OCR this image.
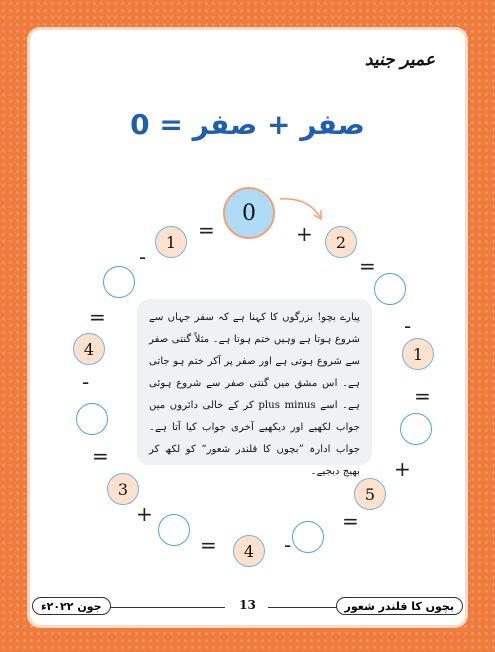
عمیر جنید
صفر + صفر = 0
0
2
1
5
4
3
4
1	=	+
-	=
=	-
-
=
=
+
+	=
=	-
پیارے بچو! بزرگوں کا کہنا ہے کہ سفر جہاں سے شروع ہوتا ہے وہیں ختم ہوتا ہے۔ مثلاً گنتی صفر سے شروع ہوتی ہے اور صفر پر آکر ختم ہو جاتی ہے۔ اس مشق میں گنتی صفر سے شروع ہوئی ہے۔ اسے plus minus کر کے خالی دائروں میں جواب لکھیے اور دیکھیے آخری جواب کیا آتا ہے۔ جواب ادارہ ”بچوں کا قلندر شعور“ کو لکھ کر بھیج دیجیے۔
جون ۲۰۲۲ء	13	بچوں کا قلندر شعور
